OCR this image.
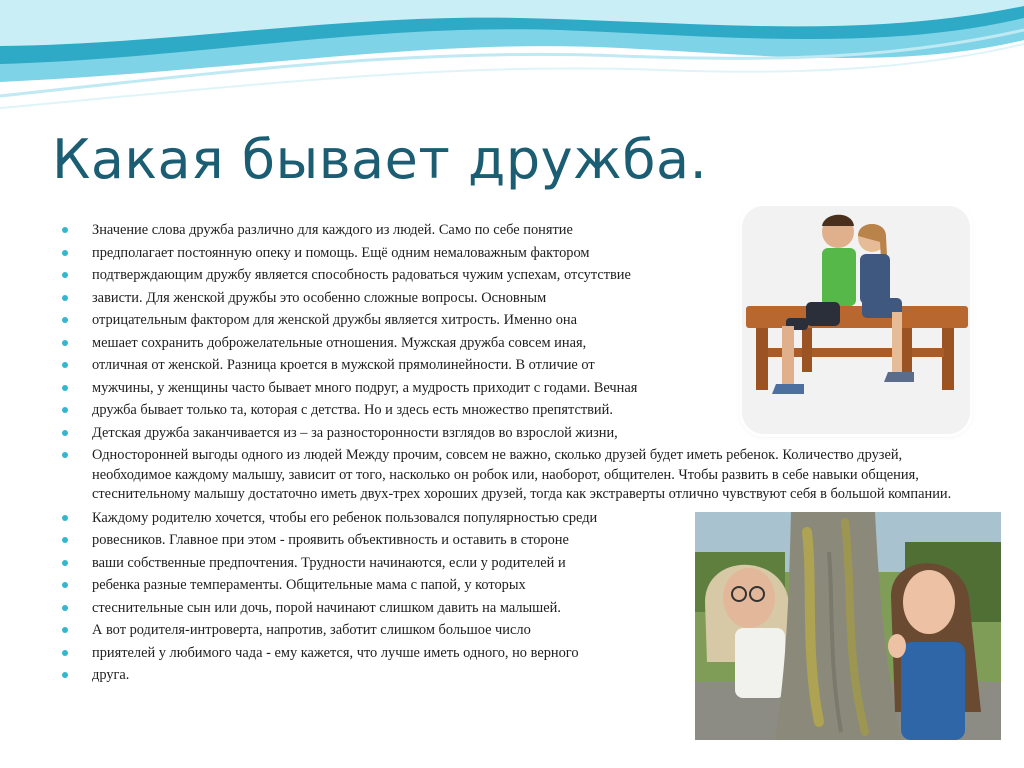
Какая бывает дружба.
Значение слова дружба различно для каждого из людей. Само по себе понятие
предполагает постоянную опеку и помощь. Ещё одним немаловажным фактором
подтверждающим дружбу является способность радоваться чужим успехам, отсутствие
зависти. Для женской дружбы это особенно сложные вопросы. Основным
отрицательным фактором для женской дружбы является хитрость. Именно она
мешает сохранить доброжелательные отношения. Мужская дружба совсем иная,
отличная от женской. Разница кроется в мужской прямолинейности. В отличие от
мужчины, у женщины часто бывает много подруг, а мудрость приходит с годами. Вечная
дружба бывает только та, которая с детства. Но и здесь есть множество препятствий.
Детская дружба заканчивается из – за разносторонности взглядов во взрослой жизни,
Односторонней выгоды одного из людей Между прочим, совсем не важно, сколько друзей будет иметь ребенок. Количество друзей, необходимое каждому малышу, зависит от того, насколько он робок или, наоборот, общителен. Чтобы развить в себе навыки общения, стеснительному малышу достаточно иметь двух-трех хороших друзей, тогда как экстраверты отлично чувствуют себя в большой компании.
Каждому родителю хочется, чтобы его ребенок пользовался популярностью среди
ровесников. Главное при этом - проявить объективность и оставить в стороне
ваши собственные предпочтения. Трудности начинаются, если у родителей и
ребенка разные темпераменты. Общительные мама с папой, у которых
стеснительные сын или дочь, порой начинают слишком давить на малышей.
А вот родителя-интроверта, напротив, заботит слишком большое число
приятелей у любимого чада - ему кажется, что лучше иметь одного, но верного
друга.
